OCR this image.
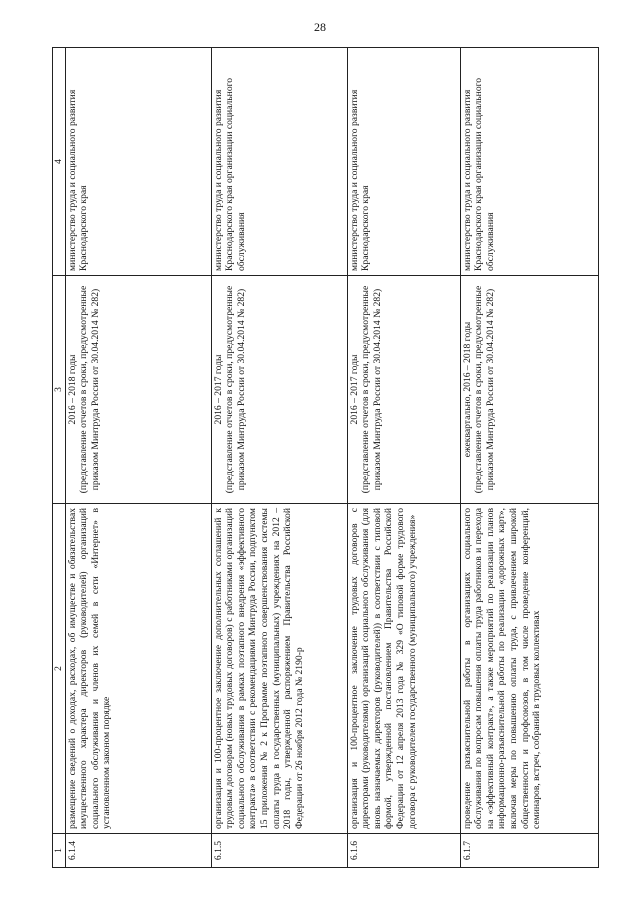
28
1	2	3	4
6.1.4	размещение сведений о доходах, расходах, об имуществе и обязательствах имущественного характера директоров (руководителей) организаций социального обслуживания и членов их семей в сети «Интернет» в установленном законом порядке	2016 – 2018 годы (представление отчетов в сроки, предусмотренные приказом Минтруда России от 30.04.2014 № 282)	министерство труда и социального развития Краснодарского края
6.1.5	организация и 100-процентное заключение дополнительных соглашений к трудовым договорам (новых трудовых договоров) с работниками организаций социального обслуживания в рамках поэтапного внедрения «эффективного контракта» в соответствии с рекомендациями Минтруда России, подпунктом 15 приложения № 2 к Программе поэтапного совершенствования системы оплаты труда в государственных (муниципальных) учреждениях на 2012 – 2018 годы, утвержденной распоряжением Правительства Российской Федерации от 26 ноября 2012 года № 2190-р	2016 – 2017 годы (представление отчетов в сроки, предусмотренные приказом Минтруда России от 30.04.2014 № 282)	министерство труда и социального развития Краснодарского края организации социального обслуживания
6.1.6	организация и 100-процентное заключение трудовых договоров с директорами (руководителями) организаций социального обслуживания (для вновь назначаемых директоров (руководителей)) в соответствии с типовой формой, утвержденной постановлением Правительства Российской Федерации от 12 апреля 2013 года № 329 «О типовой форме трудового договора с руководителем государственного (муниципального) учреждения»	2016 – 2017 годы (представление отчетов в сроки, предусмотренные приказом Минтруда России от 30.04.2014 № 282)	министерство труда и социального развития Краснодарского края
6.1.7	проведение разъяснительной работы в организациях социального обслуживания по вопросам повышения оплаты труда работников и перехода на «эффективный контракт», а также мероприятий по реализации планов информационно-разъяснительной работы по реализации «дорожных карт», включая меры по повышению оплаты труда, с привлечением широкой общественности и профсоюзов, в том числе проведение конференций, семинаров, встреч, собраний в трудовых коллективах	ежеквартально, 2016 – 2018 годы (представление отчетов в сроки, предусмотренные приказом Минтруда России от 30.04.2014 № 282)	министерство труда и социального развития Краснодарского края организации социального обслуживания
